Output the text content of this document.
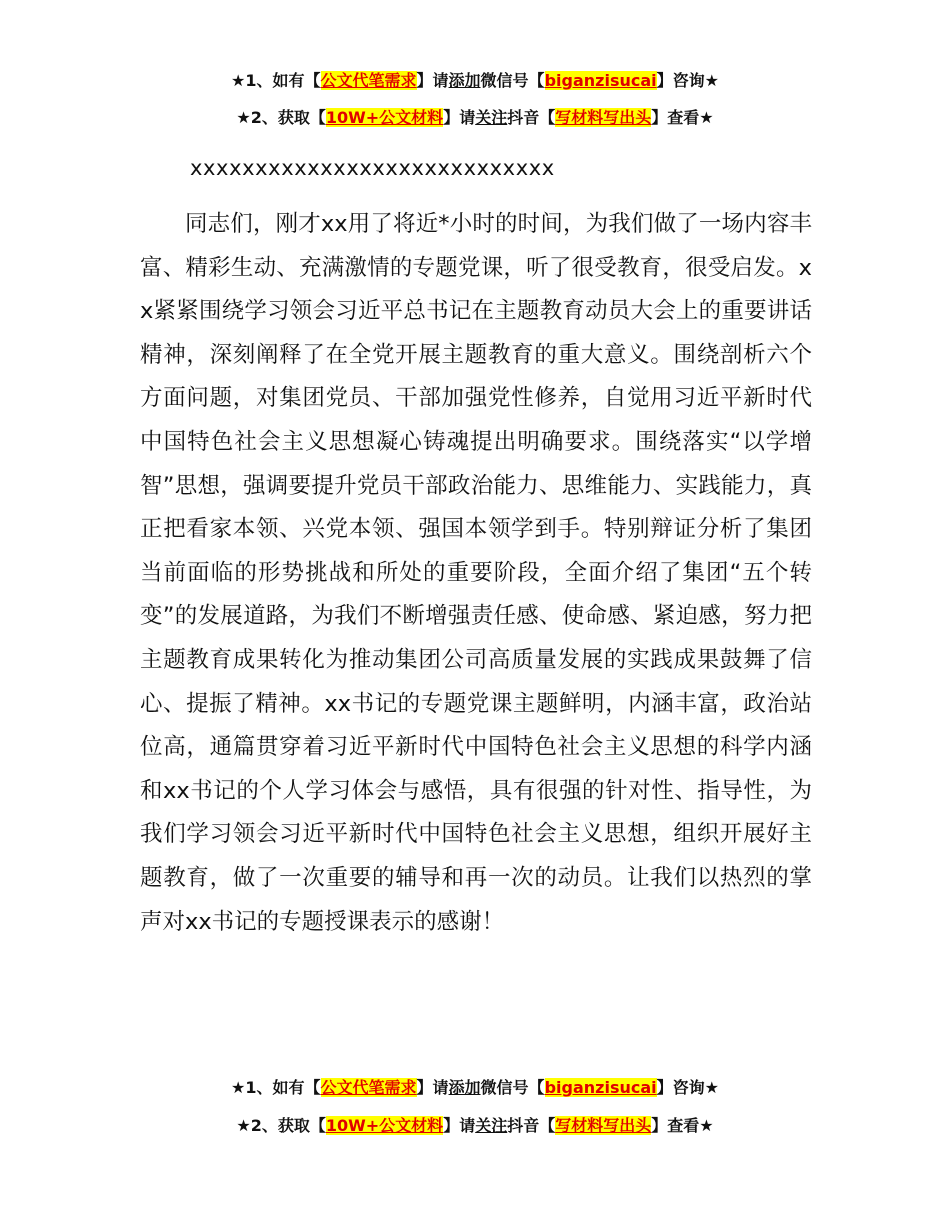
★1、如有【公文代笔需求】请添加微信号【biganzisucai】咨询★
★2、获取【10W+公文材料】请关注抖音【写材料写出头】查看★
xxxxxxxxxxxxxxxxxxxxxxxxxxxx

同志们，刚才xx用了将近*小时的时间，为我们做了一场内容丰富、精彩生动、充满激情的专题党课，听了很受教育，很受启发。xx紧紧围绕学习领会习近平总书记在主题教育动员大会上的重要讲话精神，深刻阐释了在全党开展主题教育的重大意义。围绕剖析六个方面问题，对集团党员、干部加强党性修养，自觉用习近平新时代中国特色社会主义思想凝心铸魂提出明确要求。围绕落实“以学增智”思想，强调要提升党员干部政治能力、思维能力、实践能力，真正把看家本领、兴党本领、强国本领学到手。特别辩证分析了集团当前面临的形势挑战和所处的重要阶段，全面介绍了集团“五个转变”的发展道路，为我们不断增强责任感、使命感、紧迫感，努力把主题教育成果转化为推动集团公司高质量发展的实践成果鼓舞了信心、提振了精神。xx书记的专题党课主题鲜明，内涵丰富，政治站位高，通篇贯穿着习近平新时代中国特色社会主义思想的科学内涵和xx书记的个人学习体会与感悟，具有很强的针对性、指导性，为我们学习领会习近平新时代中国特色社会主义思想，组织开展好主题教育，做了一次重要的辅导和再一次的动员。让我们以热烈的掌声对xx书记的专题授课表示的感谢！

★1、如有【公文代笔需求】请添加微信号【biganzisucai】咨询★
★2、获取【10W+公文材料】请关注抖音【写材料写出头】查看★
